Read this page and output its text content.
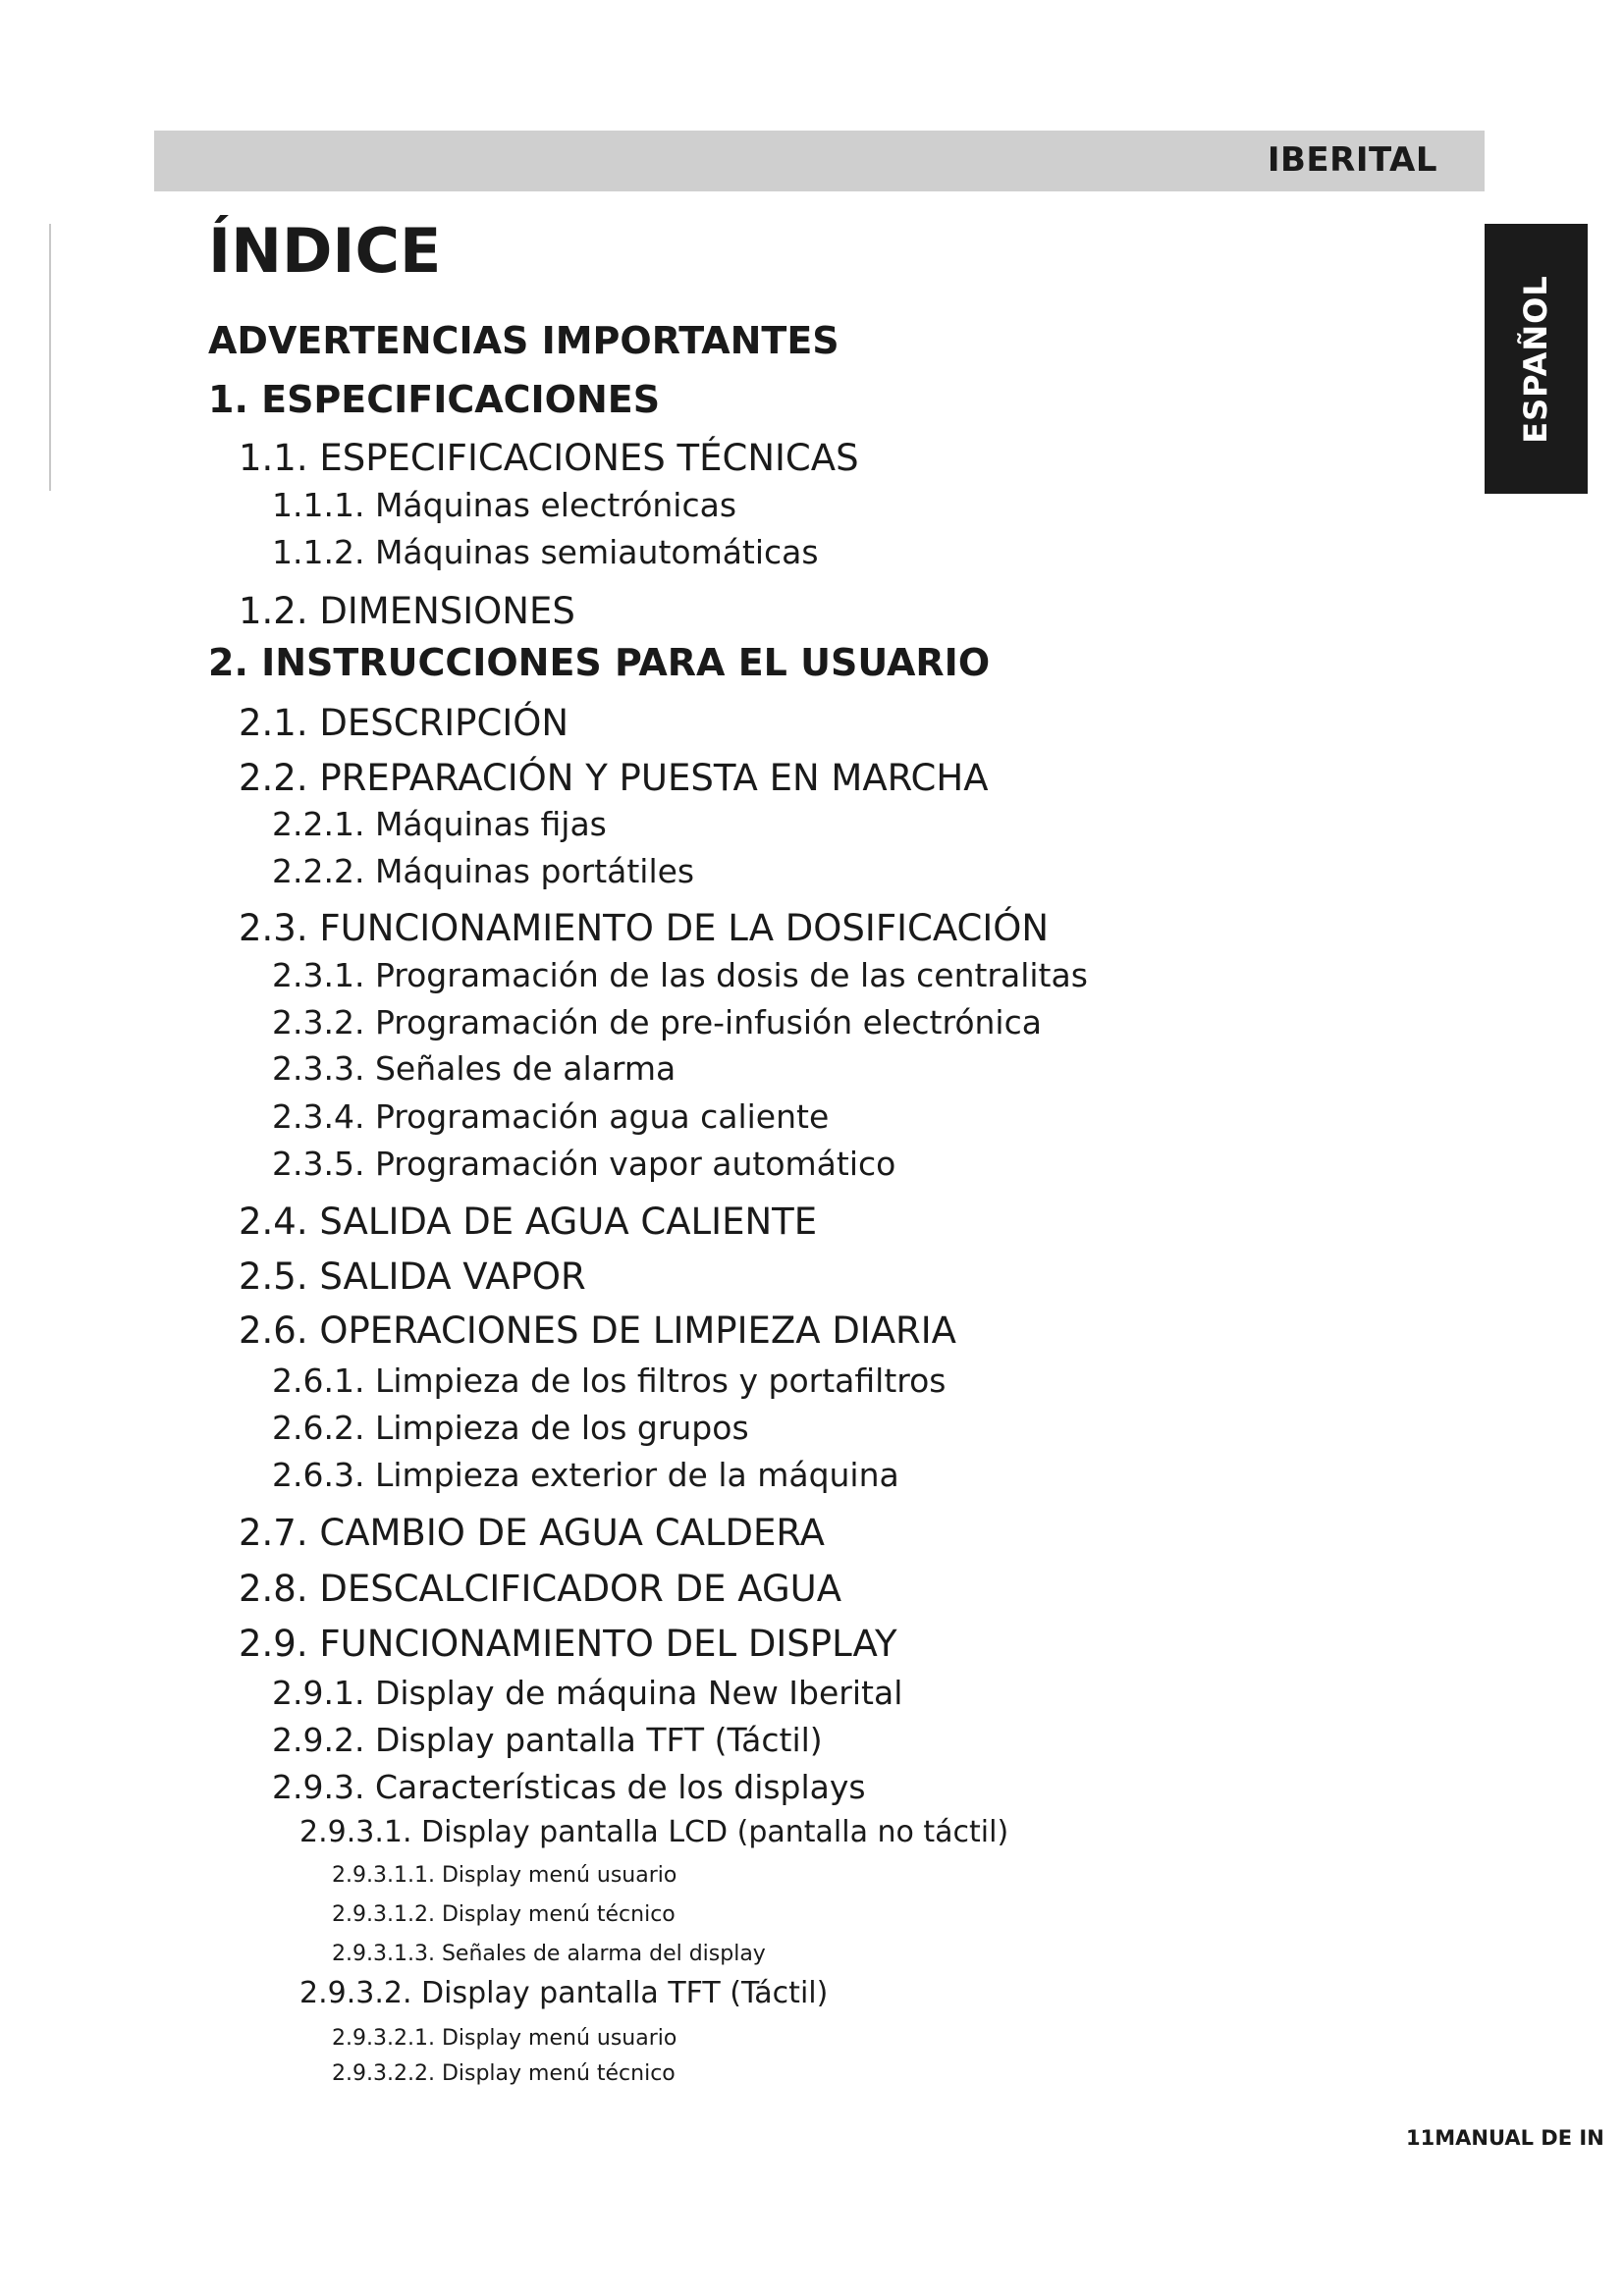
IBERITAL
ESPAÑOL
ÍNDICE
ADVERTENCIAS IMPORTANTES
1. ESPECIFICACIONES
1.1. ESPECIFICACIONES TÉCNICAS
1.1.1. Máquinas electrónicas
1.1.2. Máquinas semiautomáticas
1.2. DIMENSIONES
2. INSTRUCCIONES PARA EL USUARIO
2.1. DESCRIPCIÓN
2.2. PREPARACIÓN Y PUESTA EN MARCHA
2.2.1. Máquinas fijas
2.2.2. Máquinas portátiles
2.3. FUNCIONAMIENTO DE LA DOSIFICACIÓN
2.3.1. Programación de las dosis de las centralitas
2.3.2. Programación de pre-infusión electrónica
2.3.3. Señales de alarma
2.3.4. Programación agua caliente
2.3.5. Programación vapor automático
2.4. SALIDA DE AGUA CALIENTE
2.5. SALIDA VAPOR
2.6. OPERACIONES DE LIMPIEZA DIARIA
2.6.1. Limpieza de los filtros y portafiltros
2.6.2. Limpieza de los grupos
2.6.3. Limpieza exterior de la máquina
2.7. CAMBIO DE AGUA CALDERA
2.8. DESCALCIFICADOR DE AGUA
2.9. FUNCIONAMIENTO DEL DISPLAY
2.9.1. Display de máquina New Iberital
2.9.2. Display pantalla TFT (Táctil)
2.9.3. Características de los displays
2.9.3.1. Display pantalla LCD (pantalla no táctil)
2.9.3.1.1. Display menú usuario
2.9.3.1.2. Display menú técnico
2.9.3.1.3. Señales de alarma del display
2.9.3.2. Display pantalla TFT (Táctil)
2.9.3.2.1. Display menú usuario
2.9.3.2.2. Display menú técnico
11MANUAL DE IN
